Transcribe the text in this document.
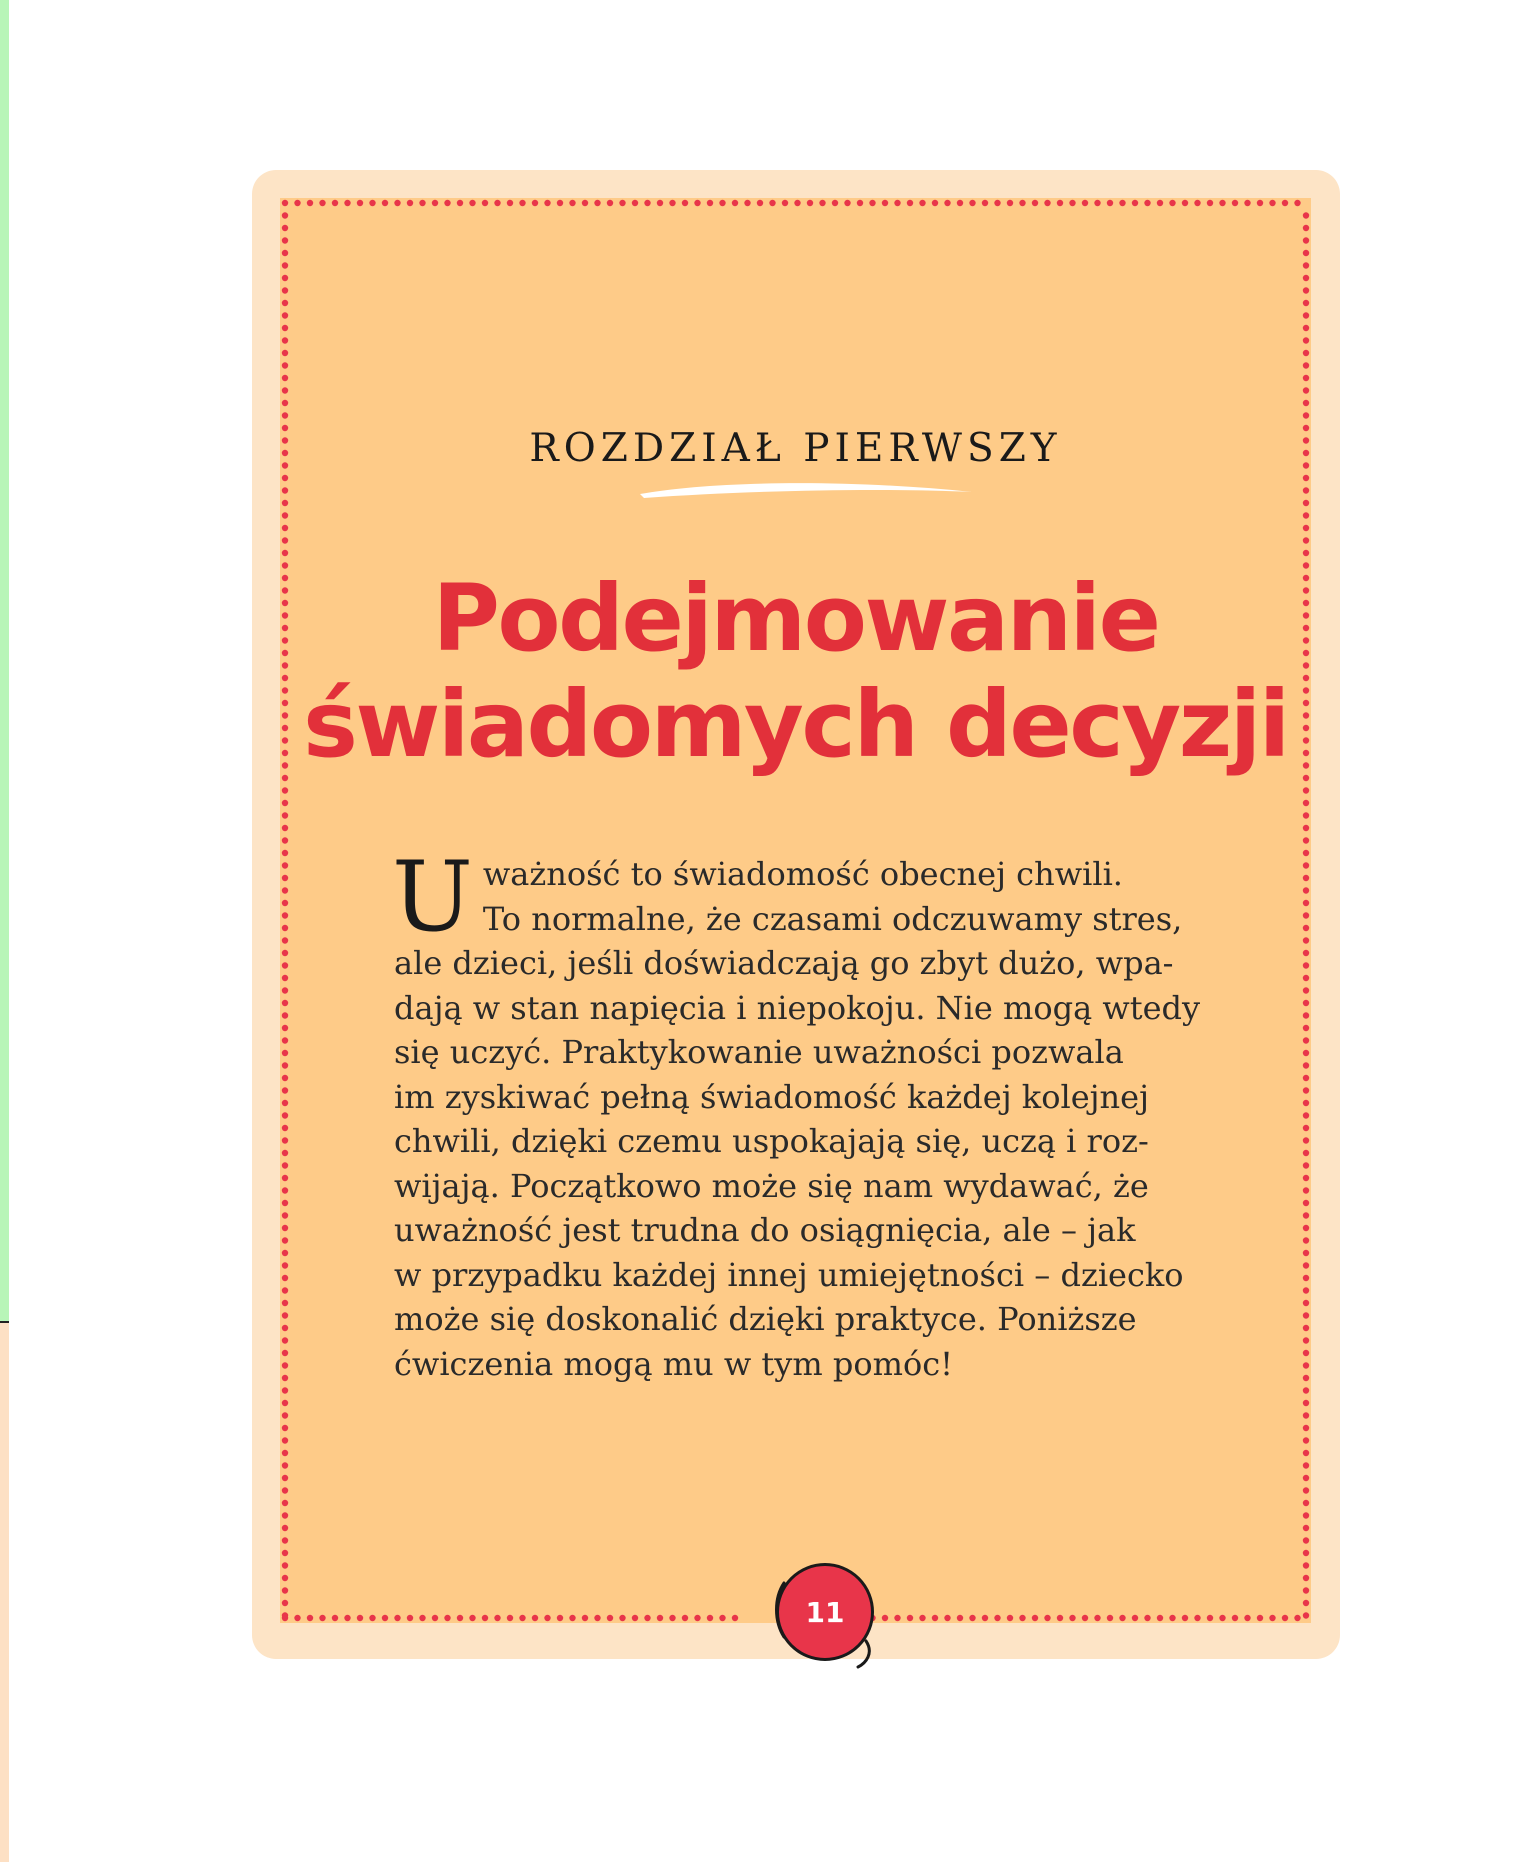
ROZDZIAŁ PIERWSZY
Podejmowanie
świadomych decyzji
U ważność to świadomość obecnej chwili.
To normalne, że czasami odczuwamy stres,
ale dzieci, jeśli doświadczają go zbyt dużo, wpa-
dają w stan napięcia i niepokoju. Nie mogą wtedy
się uczyć. Praktykowanie uważności pozwala
im zyskiwać pełną świadomość każdej kolejnej
chwili, dzięki czemu uspokajają się, uczą i roz-
wijają. Początkowo może się nam wydawać, że
uważność jest trudna do osiągnięcia, ale – jak
w przypadku każdej innej umiejętności – dziecko
może się doskonalić dzięki praktyce. Poniższe
ćwiczenia mogą mu w tym pomóc!
11
